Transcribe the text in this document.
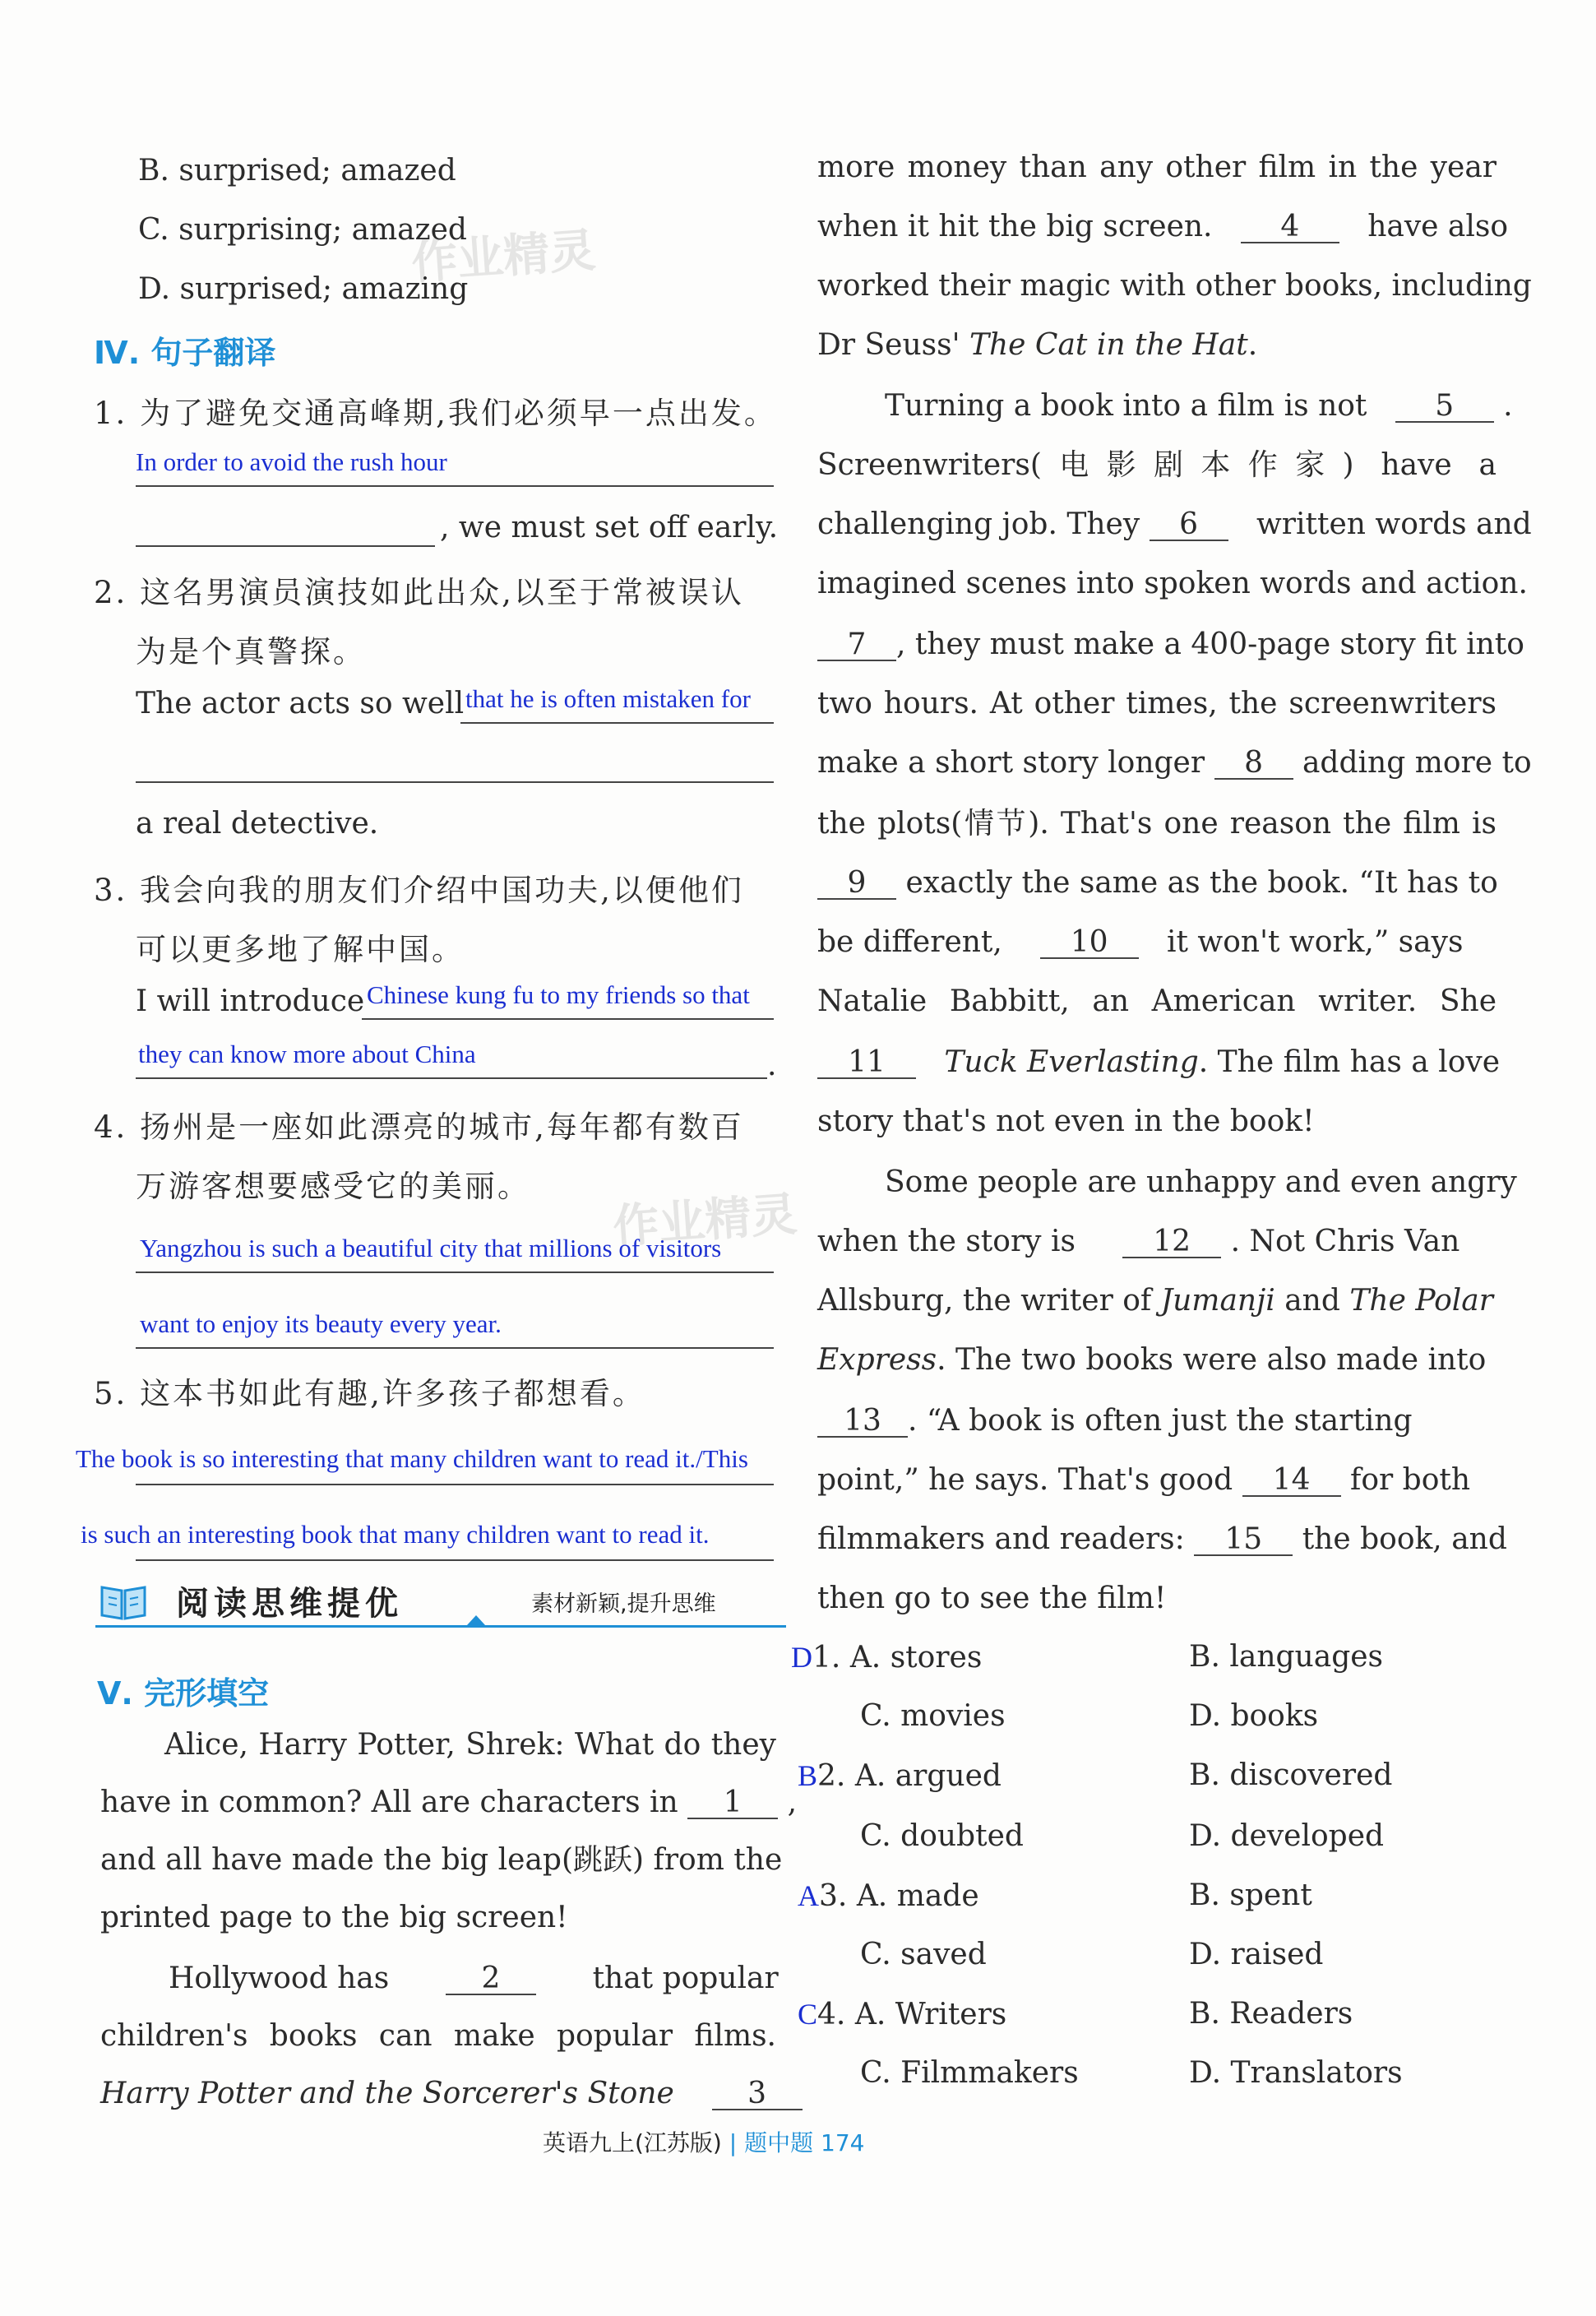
作业精灵
作业精灵
B. surprised; amazed
C. surprising; amazed
D. surprised; amazing
Ⅳ. 句子翻译
1. 为了避免交通高峰期,我们必须早一点出发。
In order to avoid the rush hour
, we must set off early.
2. 这名男演员演技如此出众,以至于常被误认
为是个真警探。
The actor acts so well that he is often mistaken for
a real detective.
3. 我会向我的朋友们介绍中国功夫,以便他们
可以更多地了解中国。
I will introduce Chinese kung fu to my friends so that
they can know more about China	.
4. 扬州是一座如此漂亮的城市,每年都有数百
万游客想要感受它的美丽。
Yangzhou is such a beautiful city that millions of visitors
want to enjoy its beauty every year.
5. 这本书如此有趣,许多孩子都想看。
The book is so interesting that many children want to read it./This
is such an interesting book that many children want to read it.
阅读思维提优	素材新颖,提升思维
Ⅴ. 完形填空
Alice, Harry Potter, Shrek: What do they
have in common? All are characters in 1 ,
and all have made the big leap(跳跃) from the
printed page to the big screen!
Hollywood has	2	that popular
children's books can make popular films.
Harry Potter and the Sorcerer's Stone 3
more money than any other film in the year
when it hit the big screen. 4 have also
worked their magic with other books, including
Dr Seuss' The Cat in the Hat.
Turning a book into a film is not 5 .
Screenwriters(电影剧本作家) have a
challenging job. They 6 written words and
imagined scenes into spoken words and action.
7 , they must make a 400-page story fit into
two hours. At other times, the screenwriters
make a short story longer 8 adding more to
the plots(情节). That's one reason the film is
9 exactly the same as the book. “It has to
be different, 10 it won't work,” says
Natalie Babbitt, an American writer. She
11 Tuck Everlasting. The film has a love
story that's not even in the book!
Some people are unhappy and even angry
when the story is	12 . Not Chris Van
Allsburg, the writer of Jumanji and The Polar
Express. The two books were also made into
13 . “A book is often just the starting
point,” he says. That's good 14 for both
filmmakers and readers: 15 the book, and
then go to see the film!
D1. A. stores	B. languages
C. movies	D. books
B2. A. argued	B. discovered
C. doubted	D. developed
A3. A. made	B. spent
C. saved	D. raised
C4. A. Writers	B. Readers
C. Filmmakers	D. Translators
英语九上(江苏版) | 题中题 174
